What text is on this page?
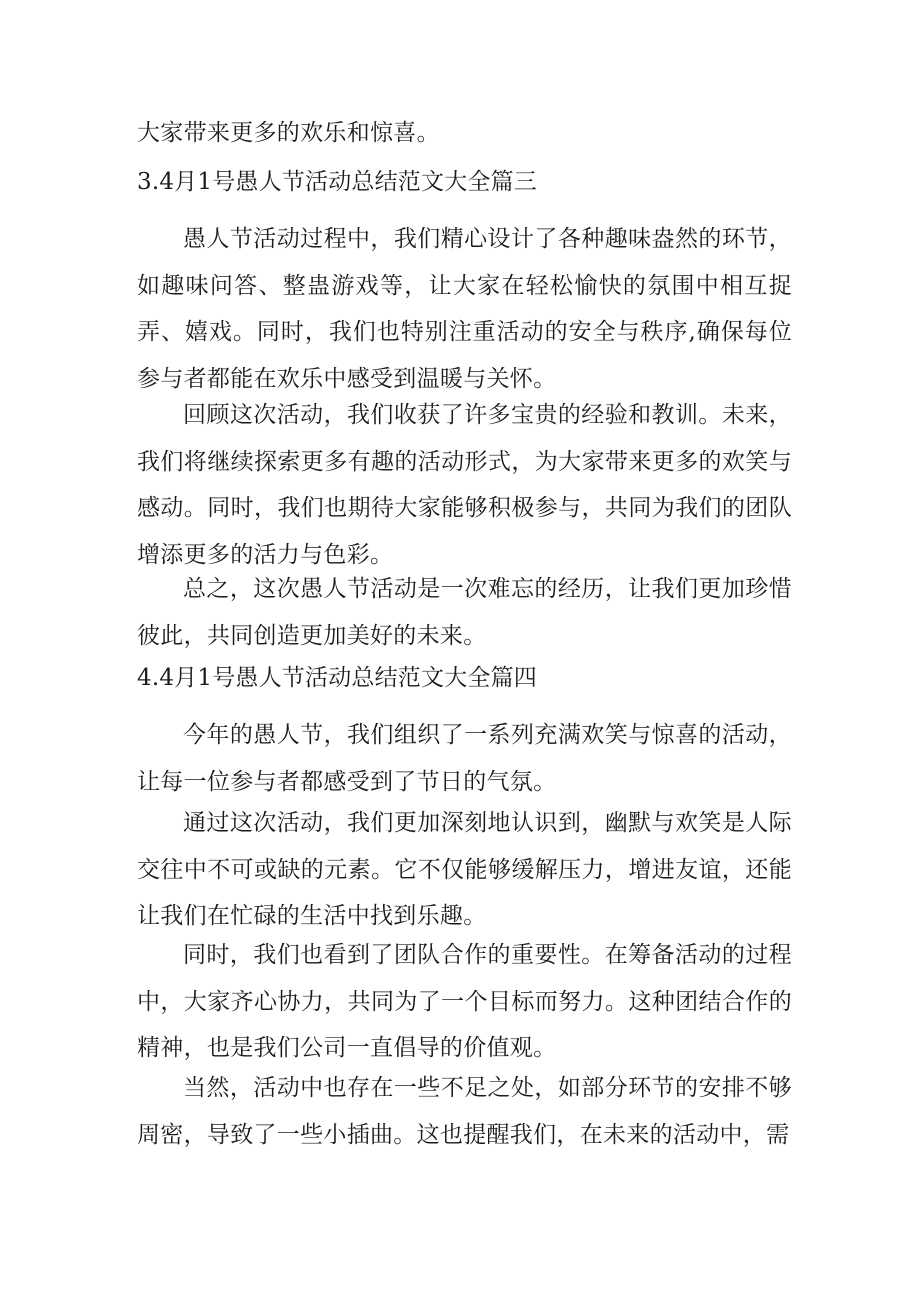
大家带来更多的欢乐和惊喜。

3.4月1号愚人节活动总结范文大全篇三

愚人节活动过程中，我们精心设计了各种趣味盎然的环节，如趣味问答、整蛊游戏等，让大家在轻松愉快的氛围中相互捉弄、嬉戏。同时，我们也特别注重活动的安全与秩序,确保每位参与者都能在欢乐中感受到温暖与关怀。

回顾这次活动，我们收获了许多宝贵的经验和教训。未来，我们将继续探索更多有趣的活动形式，为大家带来更多的欢笑与感动。同时，我们也期待大家能够积极参与，共同为我们的团队增添更多的活力与色彩。

总之，这次愚人节活动是一次难忘的经历，让我们更加珍惜彼此，共同创造更加美好的未来。

4.4月1号愚人节活动总结范文大全篇四

今年的愚人节，我们组织了一系列充满欢笑与惊喜的活动，让每一位参与者都感受到了节日的气氛。

通过这次活动，我们更加深刻地认识到，幽默与欢笑是人际交往中不可或缺的元素。它不仅能够缓解压力，增进友谊，还能让我们在忙碌的生活中找到乐趣。

同时，我们也看到了团队合作的重要性。在筹备活动的过程中，大家齐心协力，共同为了一个目标而努力。这种团结合作的精神，也是我们公司一直倡导的价值观。

当然，活动中也存在一些不足之处，如部分环节的安排不够周密，导致了一些小插曲。这也提醒我们，在未来的活动中，需
